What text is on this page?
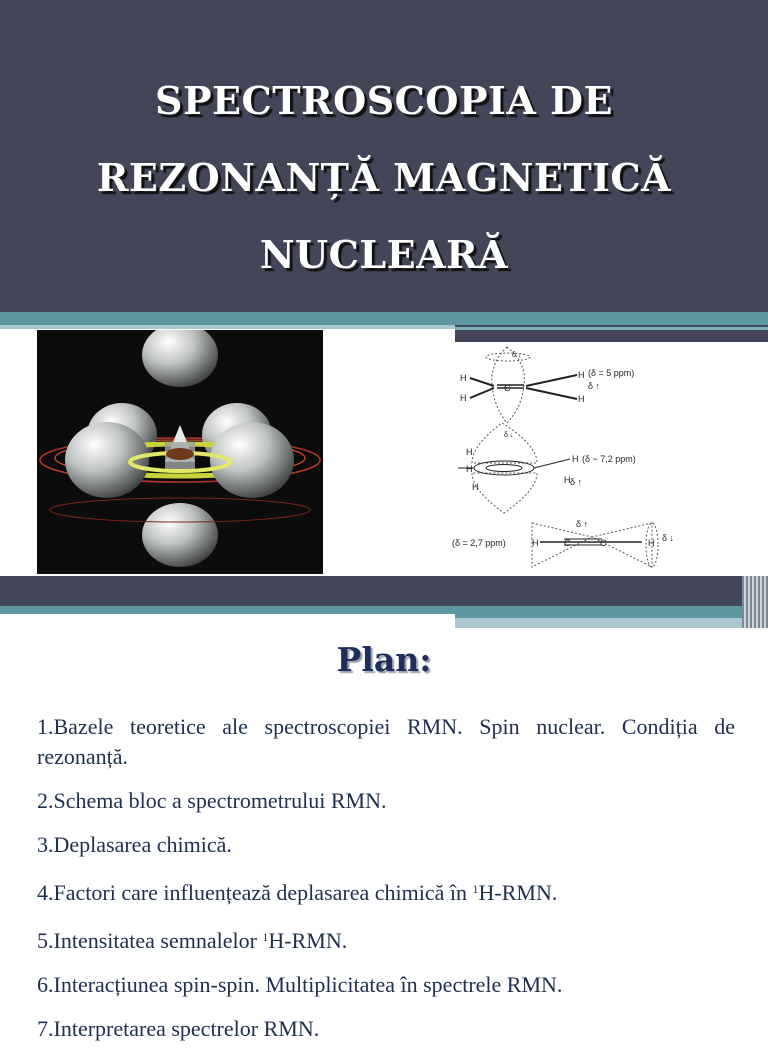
SPECTROSCOPIA DE
REZONANȚĂ MAGNETICĂ
NUCLEARĂ
H
H
C
H (δ = 5 ppm)
δ ↑
H
δ ↓
δ ↓
H
H (δ ~ 7,2 ppm)
H
H
H δ ↑
(δ = 2,7 ppm)	H	C	C	H δ ↓
δ ↑
Plan:
1.Bazele teoretice ale spectroscopiei RMN. Spin nuclear. Condiția de rezonanță.
2.Schema bloc a spectrometrului RMN.
3.Deplasarea chimică.
4.Factori care influențează deplasarea chimică în $^1$H-RMN.
5.Intensitatea semnalelor $^1$H-RMN.
6.Interacțiunea spin-spin. Multiplicitatea în spectrele RMN.
7.Interpretarea spectrelor RMN.
